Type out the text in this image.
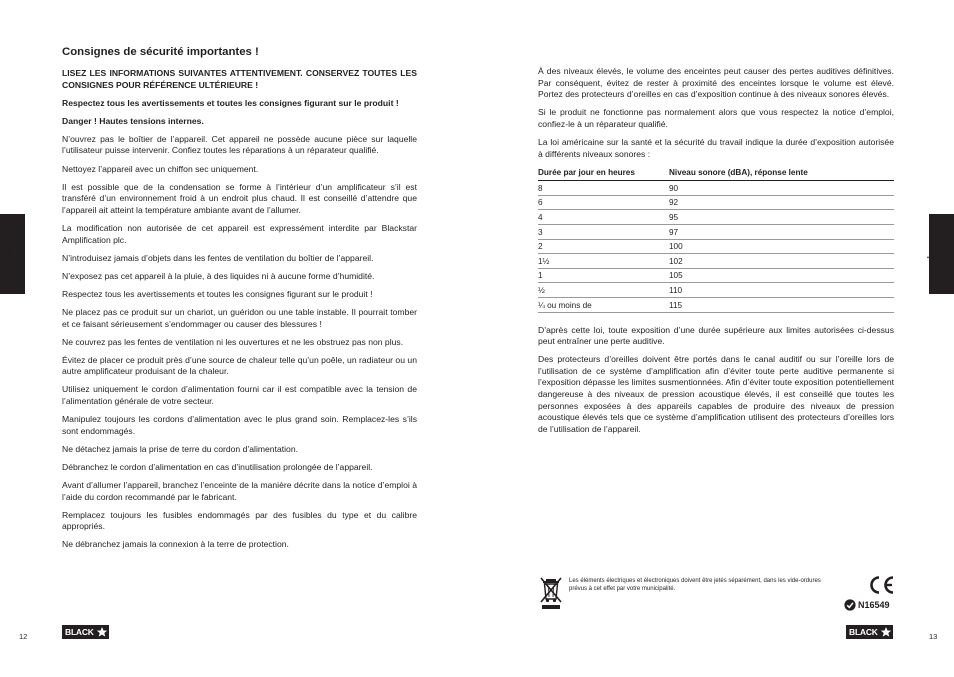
Consignes de sécurité importantes !

LISEZ LES INFORMATIONS SUIVANTES ATTENTIVEMENT. CONSERVEZ TOUTES LES CONSIGNES POUR RÉFÉRENCE ULTÉRIEURE !

Respectez tous les avertissements et toutes les consignes figurant sur le produit !

Danger ! Hautes tensions internes.

N’ouvrez pas le boîtier de l’appareil. Cet appareil ne possède aucune pièce sur laquelle l’utilisateur puisse intervenir. Confiez toutes les réparations à un réparateur qualifié.

Nettoyez l’appareil avec un chiffon sec uniquement.

Il est possible que de la condensation se forme à l’intérieur d’un amplificateur s’il est transféré d’un environnement froid à un endroit plus chaud. Il est conseillé d’attendre que l’appareil ait atteint la température ambiante avant de l’allumer.

La modification non autorisée de cet appareil est expressément interdite par Blackstar Amplification plc.

N’introduisez jamais d’objets dans les fentes de ventilation du boîtier de l’appareil.

N’exposez pas cet appareil à la pluie, à des liquides ni à aucune forme d’humidité.

Respectez tous les avertissements et toutes les consignes figurant sur le produit !

Ne placez pas ce produit sur un chariot, un guéridon ou une table instable. Il pourrait tomber et ce faisant sérieusement s’endommager ou causer des blessures !

Ne couvrez pas les fentes de ventilation ni les ouvertures et ne les obstruez pas non plus.

Évitez de placer ce produit près d’une source de chaleur telle qu’un poêle, un radiateur ou un autre amplificateur produisant de la chaleur.

Utilisez uniquement le cordon d’alimentation fourni car il est compatible avec la tension de l’alimentation générale de votre secteur.

Manipulez toujours les cordons d’alimentation avec le plus grand soin. Remplacez-les s’ils sont endommagés.

Ne détachez jamais la prise de terre du cordon d’alimentation.

Débranchez le cordon d’alimentation en cas d’inutilisation prolongée de l’appareil.

Avant d’allumer l’appareil, branchez l’enceinte de la manière décrite dans la notice d’emploi à l’aide du cordon recommandé par le fabricant.

Remplacez toujours les fusibles endommagés par des fusibles du type et du calibre appropriés.

Ne débranchez jamais la connexion à la terre de protection.

BLACK
12
Français	Français

À des niveaux élevés, le volume des enceintes peut causer des pertes auditives définitives. Par conséquent, évitez de rester à proximité des enceintes lorsque le volume est élevé. Portez des protecteurs d’oreilles en cas d’exposition continue à des niveaux sonores élevés.

Si le produit ne fonctionne pas normalement alors que vous respectez la notice d’emploi, confiez-le à un réparateur qualifié.

La loi américaine sur la santé et la sécurité du travail indique la durée d’exposition autorisée à différents niveaux sonores :

Durée par jour en heures	Niveau sonore (dBA), réponse lente
8	90
6	92
4	95
3	97
2	100
1½	102
1	105
½	110
¼ ou moins de	115

D’après cette loi, toute exposition d’une durée supérieure aux limites autorisées ci-dessus peut entraîner une perte auditive.

Des protecteurs d’oreilles doivent être portés dans le canal auditif ou sur l’oreille lors de l’utilisation de ce système d’amplification afin d’éviter toute perte auditive permanente si l’exposition dépasse les limites susmentionnées. Afin d’éviter toute exposition potentiellement dangereuse à des niveaux de pression acoustique élevés, il est conseillé que toutes les personnes exposées à des appareils capables de produire des niveaux de pression acoustique élevés tels que ce système d’amplification utilisent des protecteurs d’oreilles lors de l’utilisation de l’appareil.

Les éléments électriques et électroniques doivent être jetés séparément, dans les vide-ordures prévus à cet effet par votre municipalité.
N16549
BLACK	13
